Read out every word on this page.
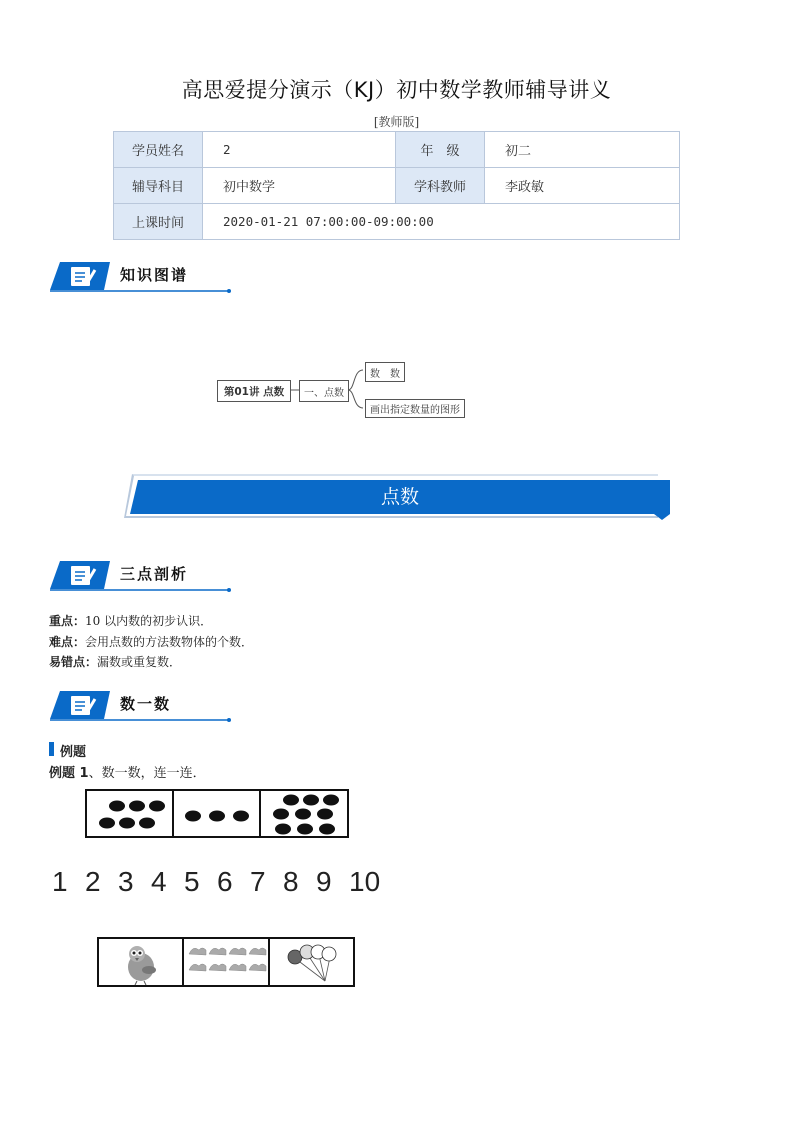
高思爱提分演示（KJ）初中数学教师辅导讲义
[教师版]
学员姓名	2	年　级	初二
辅导科目	初中数学	学科教师	李政敏
上课时间	2020-01-21 07:00:00-09:00:00		
知识图谱
第01讲 点数	一、点数
数　数
画出指定数量的图形
点数
三点剖析
重点：10 以内数的初步认识．
难点：会用点数的方法数物体的个数．
易错点：漏数或重复数．
数一数
例题
例题 1、数一数，连一连．
1 2 3 4 5 6 7 8 9 10
